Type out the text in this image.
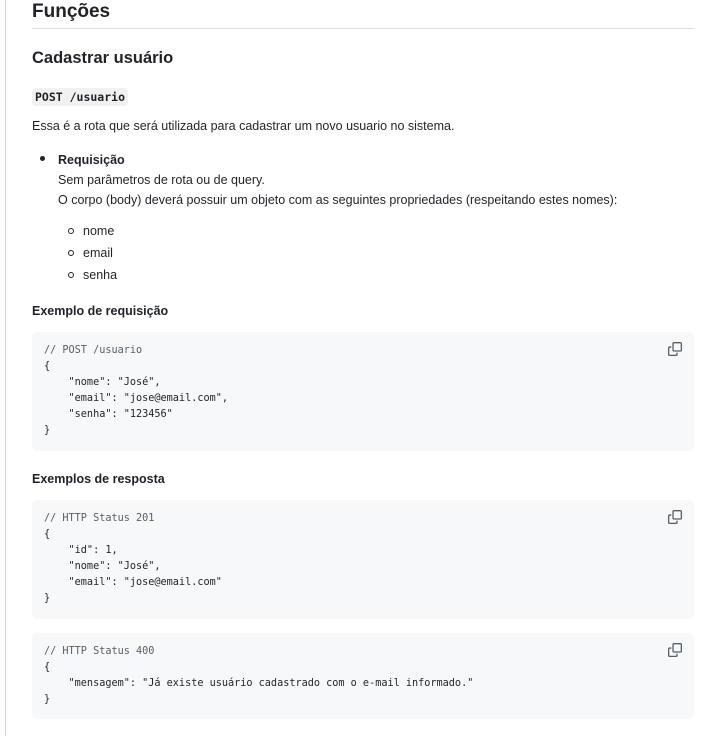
Funções
Cadastrar usuário
POST /usuario

Essa é a rota que será utilizada para cadastrar um novo usuario no sistema.

Requisição
Sem parâmetros de rota ou de query.
O corpo (body) deverá possuir um objeto com as seguintes propriedades (respeitando estes nomes):
nome
email
senha
Exemplo de requisição
// POST /usuario
{
"nome": "José",
"email": "jose@email.com",
"senha": "123456"
}
Exemplos de resposta
// HTTP Status 201
{
"id": 1,
"nome": "José",
"email": "jose@email.com"
}
// HTTP Status 400
{
"mensagem": "Já existe usuário cadastrado com o e-mail informado."
}
